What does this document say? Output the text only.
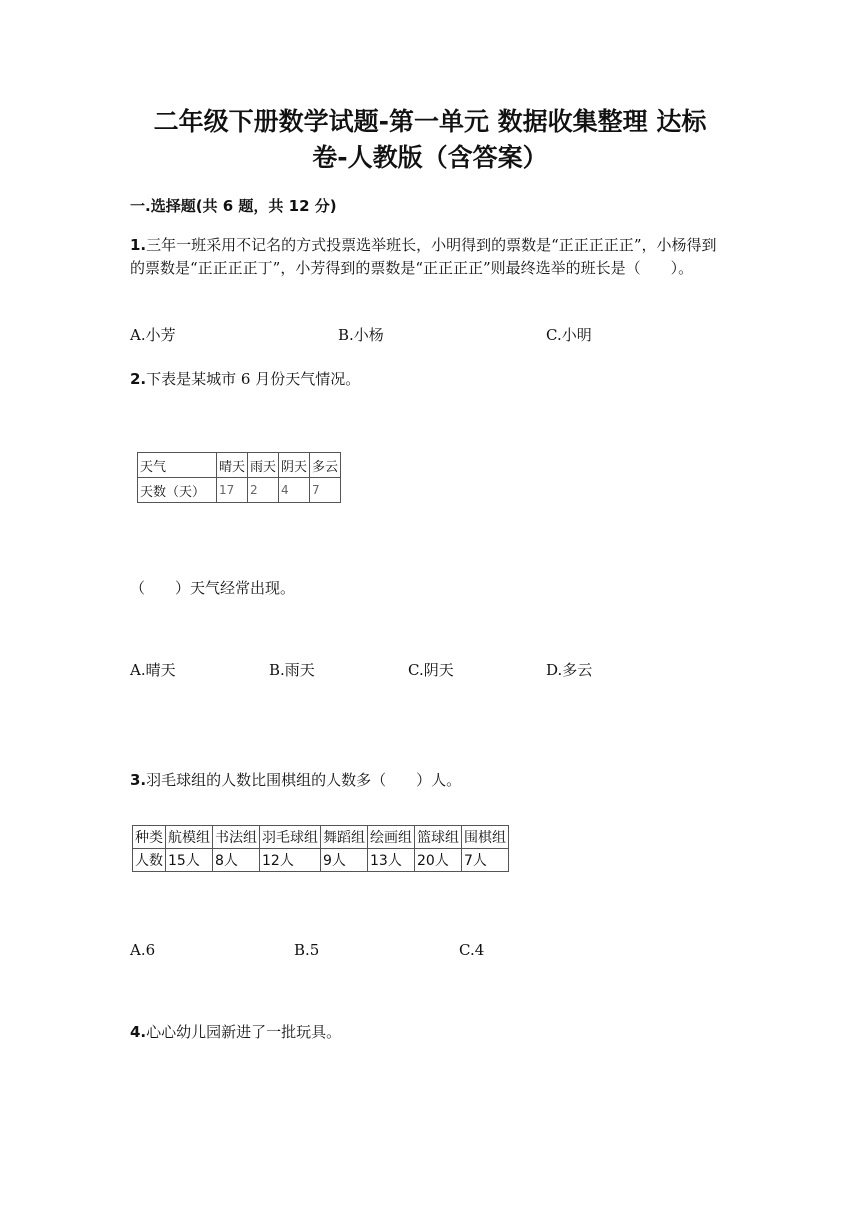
二年级下册数学试题-第一单元 数据收集整理 达标
卷-人教版（含答案）
一.选择题(共 6 题，共 12 分)
1.三年一班采用不记名的方式投票选举班长，小明得到的票数是“正正正正正”，小杨得到的票数是“正正正正丁”，小芳得到的票数是“正正正正”则最终选举的班长是（　　）。
A.小芳	B.小杨	C.小明
2.下表是某城市 6 月份天气情况。
天气	晴天	雨天	阴天	多云
天数（天）	17	2	4	7
（　　）天气经常出现。
A.晴天	B.雨天	C.阴天	D.多云
3.羽毛球组的人数比围棋组的人数多（　　）人。
种类	航模组	书法组	羽毛球组	舞蹈组	绘画组	篮球组	围棋组
人数	15人	8人	12人	9人	13人	20人	7人
A.6	B.5	C.4
4.心心幼儿园新进了一批玩具。
